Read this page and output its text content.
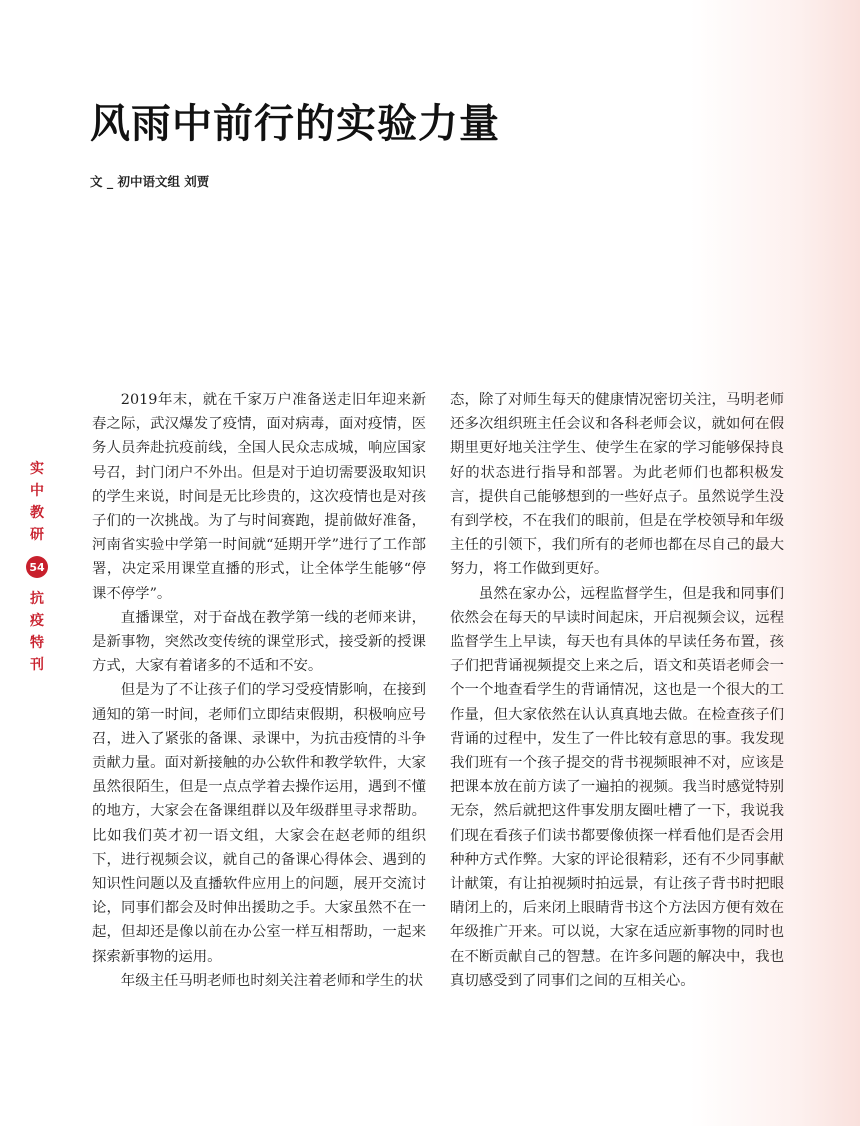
风雨中前行的实验力量
文 _ 初中语文组 刘贾
实
中
教
研
54
抗
疫
特
刊

2019年末，就在千家万户准备送走旧年迎来新春之际，武汉爆发了疫情，面对病毒，面对疫情，医务人员奔赴抗疫前线，全国人民众志成城，响应国家号召，封门闭户不外出。但是对于迫切需要汲取知识的学生来说，时间是无比珍贵的，这次疫情也是对孩子们的一次挑战。为了与时间赛跑，提前做好准备，河南省实验中学第一时间就“延期开学”进行了工作部署，决定采用课堂直播的形式，让全体学生能够“停课不停学”。

直播课堂，对于奋战在教学第一线的老师来讲，是新事物，突然改变传统的课堂形式，接受新的授课方式，大家有着诸多的不适和不安。

但是为了不让孩子们的学习受疫情影响，在接到通知的第一时间，老师们立即结束假期，积极响应号召，进入了紧张的备课、录课中，为抗击疫情的斗争贡献力量。面对新接触的办公软件和教学软件，大家虽然很陌生，但是一点点学着去操作运用，遇到不懂的地方，大家会在备课组群以及年级群里寻求帮助。比如我们英才初一语文组，大家会在赵老师的组织下，进行视频会议，就自己的备课心得体会、遇到的知识性问题以及直播软件应用上的问题，展开交流讨论，同事们都会及时伸出援助之手。大家虽然不在一起，但却还是像以前在办公室一样互相帮助，一起来探索新事物的运用。

年级主任马明老师也时刻关注着老师和学生的状

态，除了对师生每天的健康情况密切关注，马明老师还多次组织班主任会议和各科老师会议，就如何在假期里更好地关注学生、使学生在家的学习能够保持良好的状态进行指导和部署。为此老师们也都积极发言，提供自己能够想到的一些好点子。虽然说学生没有到学校，不在我们的眼前，但是在学校领导和年级主任的引领下，我们所有的老师也都在尽自己的最大努力，将工作做到更好。

虽然在家办公，远程监督学生，但是我和同事们依然会在每天的早读时间起床，开启视频会议，远程监督学生上早读，每天也有具体的早读任务布置，孩子们把背诵视频提交上来之后，语文和英语老师会一个一个地查看学生的背诵情况，这也是一个很大的工作量，但大家依然在认认真真地去做。在检查孩子们背诵的过程中，发生了一件比较有意思的事。我发现我们班有一个孩子提交的背书视频眼神不对，应该是把课本放在前方读了一遍拍的视频。我当时感觉特别无奈，然后就把这件事发朋友圈吐槽了一下，我说我们现在看孩子们读书都要像侦探一样看他们是否会用种种方式作弊。大家的评论很精彩，还有不少同事献计献策，有让拍视频时拍远景，有让孩子背书时把眼睛闭上的，后来闭上眼睛背书这个方法因方便有效在年级推广开来。可以说，大家在适应新事物的同时也在不断贡献自己的智慧。在许多问题的解决中，我也真切感受到了同事们之间的互相关心。
